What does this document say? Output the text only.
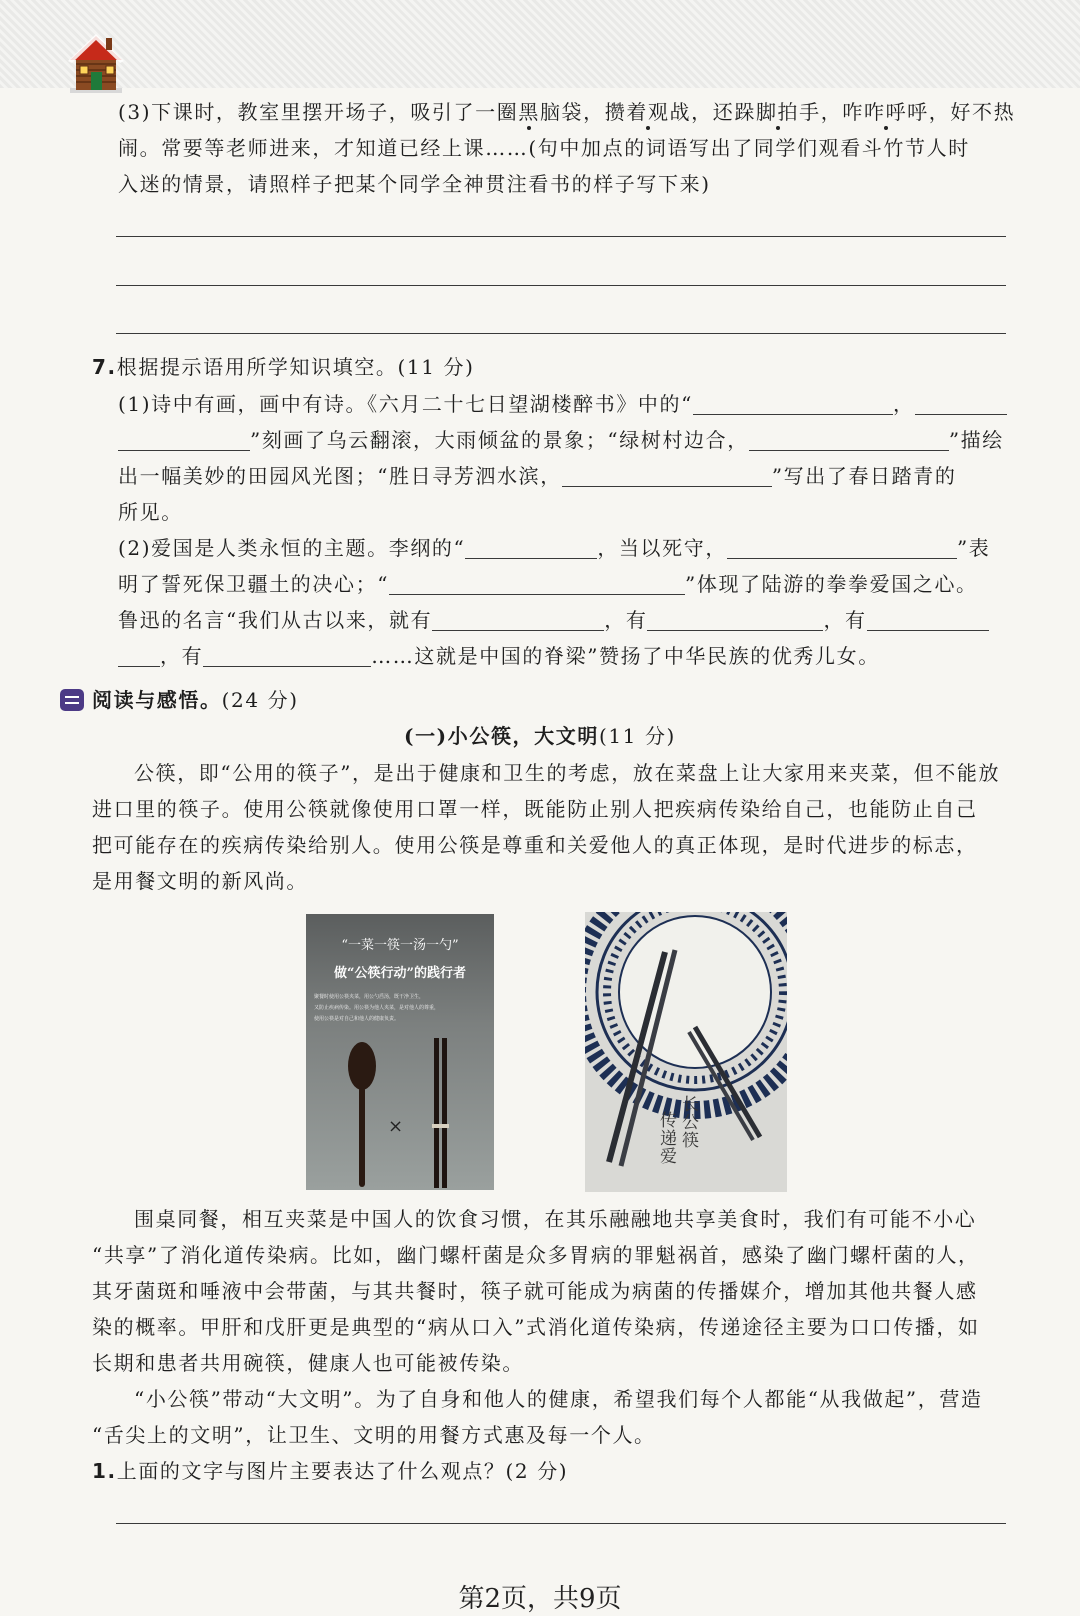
(3)下课时，教室里摆开场子，吸引了一圈黑脑袋，攒着观战，还跺脚拍手，咋咋呼呼，好不热
闹。常要等老师进来，才知道已经上课……(句中加点的词语写出了同学们观看斗竹节人时
入迷的情景，请照样子把某个同学全神贯注看书的样子写下来)
7.根据提示语用所学知识填空。(11 分)
(1)诗中有画，画中有诗。《六月二十七日望湖楼醉书》中的“	，
”刻画了乌云翻滚，大雨倾盆的景象；“绿树村边合，	”描绘
出一幅美妙的田园风光图；“胜日寻芳泗水滨，	”写出了春日踏青的
所见。
(2)爱国是人类永恒的主题。李纲的“	，当以死守，	”表
明了誓死保卫疆土的决心；“	”体现了陆游的拳拳爱国之心。
鲁迅的名言“我们从古以来，就有	，有	，有
，有	……这就是中国的脊梁”赞扬了中华民族的优秀儿女。
阅读与感悟。(24 分)
(一)小公筷，大文明(11 分)
公筷，即“公用的筷子”，是出于健康和卫生的考虑，放在菜盘上让大家用来夹菜，但不能放
进口里的筷子。使用公筷就像使用口罩一样，既能防止别人把疾病传染给自己，也能防止自己
把可能存在的疾病传染给别人。使用公筷是尊重和关爱他人的真正体现，是时代进步的标志，
是用餐文明的新风尚。
“一菜一筷一汤一勺”
做“公筷行动”的践行者
聚餐时使用公筷夹菜，用公勺舀汤，既干净卫生，
又防止疾病传染。用公筷为他人夹菜，是对他人的尊重，
使用公筷是对自己和他人的健康负责。
×	传递爱
长公筷
围桌同餐，相互夹菜是中国人的饮食习惯，在其乐融融地共享美食时，我们有可能不小心
“共享”了消化道传染病。比如，幽门螺杆菌是众多胃病的罪魁祸首，感染了幽门螺杆菌的人，
其牙菌斑和唾液中会带菌，与其共餐时，筷子就可能成为病菌的传播媒介，增加其他共餐人感
染的概率。甲肝和戊肝更是典型的“病从口入”式消化道传染病，传递途径主要为口口传播，如
长期和患者共用碗筷，健康人也可能被传染。
“小公筷”带动“大文明”。为了自身和他人的健康，希望我们每个人都能“从我做起”，营造
“舌尖上的文明”，让卫生、文明的用餐方式惠及每一个人。
1.上面的文字与图片主要表达了什么观点？(2 分)
第2页，共9页
